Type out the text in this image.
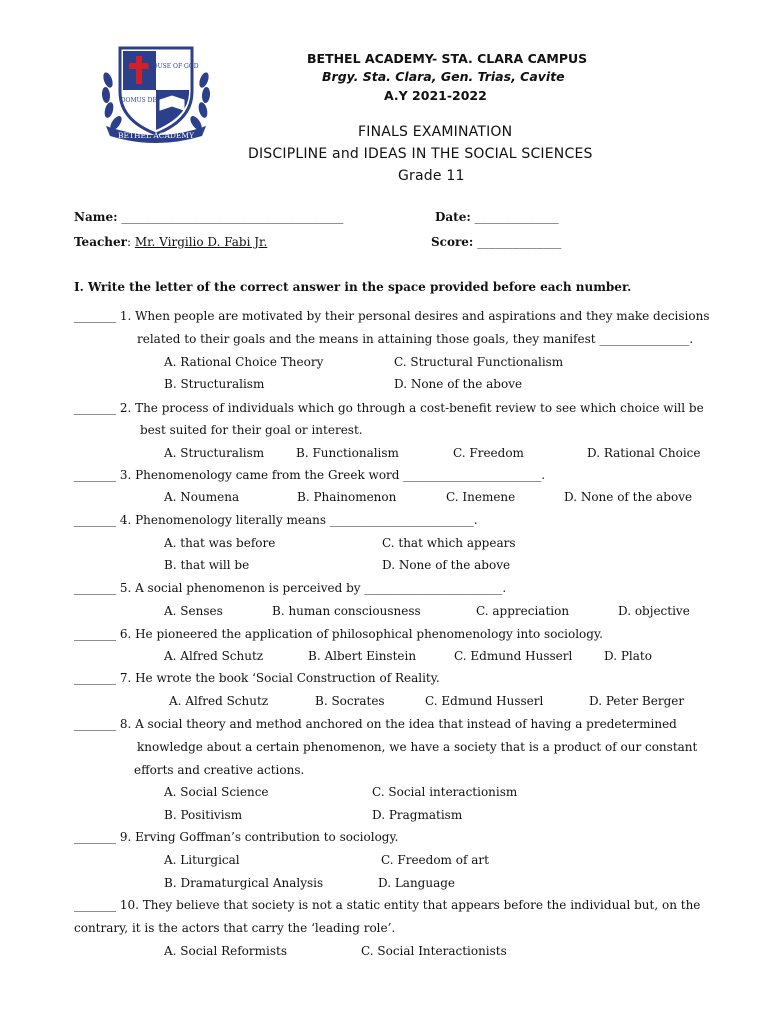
BETHEL ACADEMY
HOUSE OF GOD
DOMUS DEI
BETHEL ACADEMY- STA. CLARA CAMPUS
Brgy. Sta. Clara, Gen. Trias, Cavite
A.Y 2021-2022
FINALS EXAMINATION
DISCIPLINE and IDEAS IN THE SOCIAL SCIENCES
Grade 11
Name: _____________________________________	Date: ______________
Teacher: Mr. Virgilio D. Fabi Jr.	Score: ______________
I. Write the letter of the correct answer in the space provided before each number.
_______ 1. When people are motivated by their personal desires and aspirations and they make decisions
related to their goals and the means in attaining those goals, they manifest _______________.
A. Rational Choice Theory	C. Structural Functionalism
B. Structuralism	D. None of the above
_______ 2. The process of individuals which go through a cost-benefit review to see which choice will be
best suited for their goal or interest.
A. Structuralism	B. Functionalism	C. Freedom	D. Rational Choice
_______ 3. Phenomenology came from the Greek word _______________________.
A. Noumena	B. Phainomenon	C. Inemene	D. None of the above
_______ 4. Phenomenology literally means ________________________.
A. that was before	C. that which appears
B. that will be	D. None of the above
_______ 5. A social phenomenon is perceived by _______________________.
A. Senses	B. human consciousness	C. appreciation	D. objective
_______ 6. He pioneered the application of philosophical phenomenology into sociology.
A. Alfred Schutz	B. Albert Einstein	C. Edmund Husserl	D. Plato
_______ 7. He wrote the book ‘Social Construction of Reality.
A. Alfred Schutz	B. Socrates	C. Edmund Husserl	D. Peter Berger
_______ 8. A social theory and method anchored on the idea that instead of having a predetermined
knowledge about a certain phenomenon, we have a society that is a product of our constant
efforts and creative actions.
A. Social Science	C. Social interactionism
B. Positivism	D. Pragmatism
_______ 9. Erving Goffman’s contribution to sociology.
A. Liturgical	C. Freedom of art
B. Dramaturgical Analysis	D. Language
_______ 10. They believe that society is not a static entity that appears before the individual but, on the
contrary, it is the actors that carry the ‘leading role’.
A. Social Reformists	C. Social Interactionists
